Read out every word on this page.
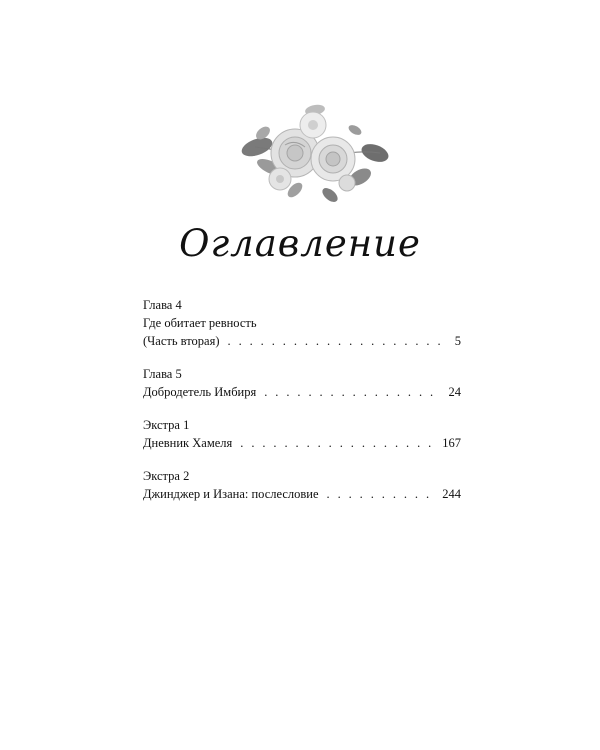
Оглавление
Глава 4
Где обитает ревность
(Часть вторая) . . .	5
Глава 5
Добродетель Имбиря . . .	24
Экстра 1
Дневник Хамеля . . .	167
Экстра 2
Джинджер и Изана: послесловие . . .	244
